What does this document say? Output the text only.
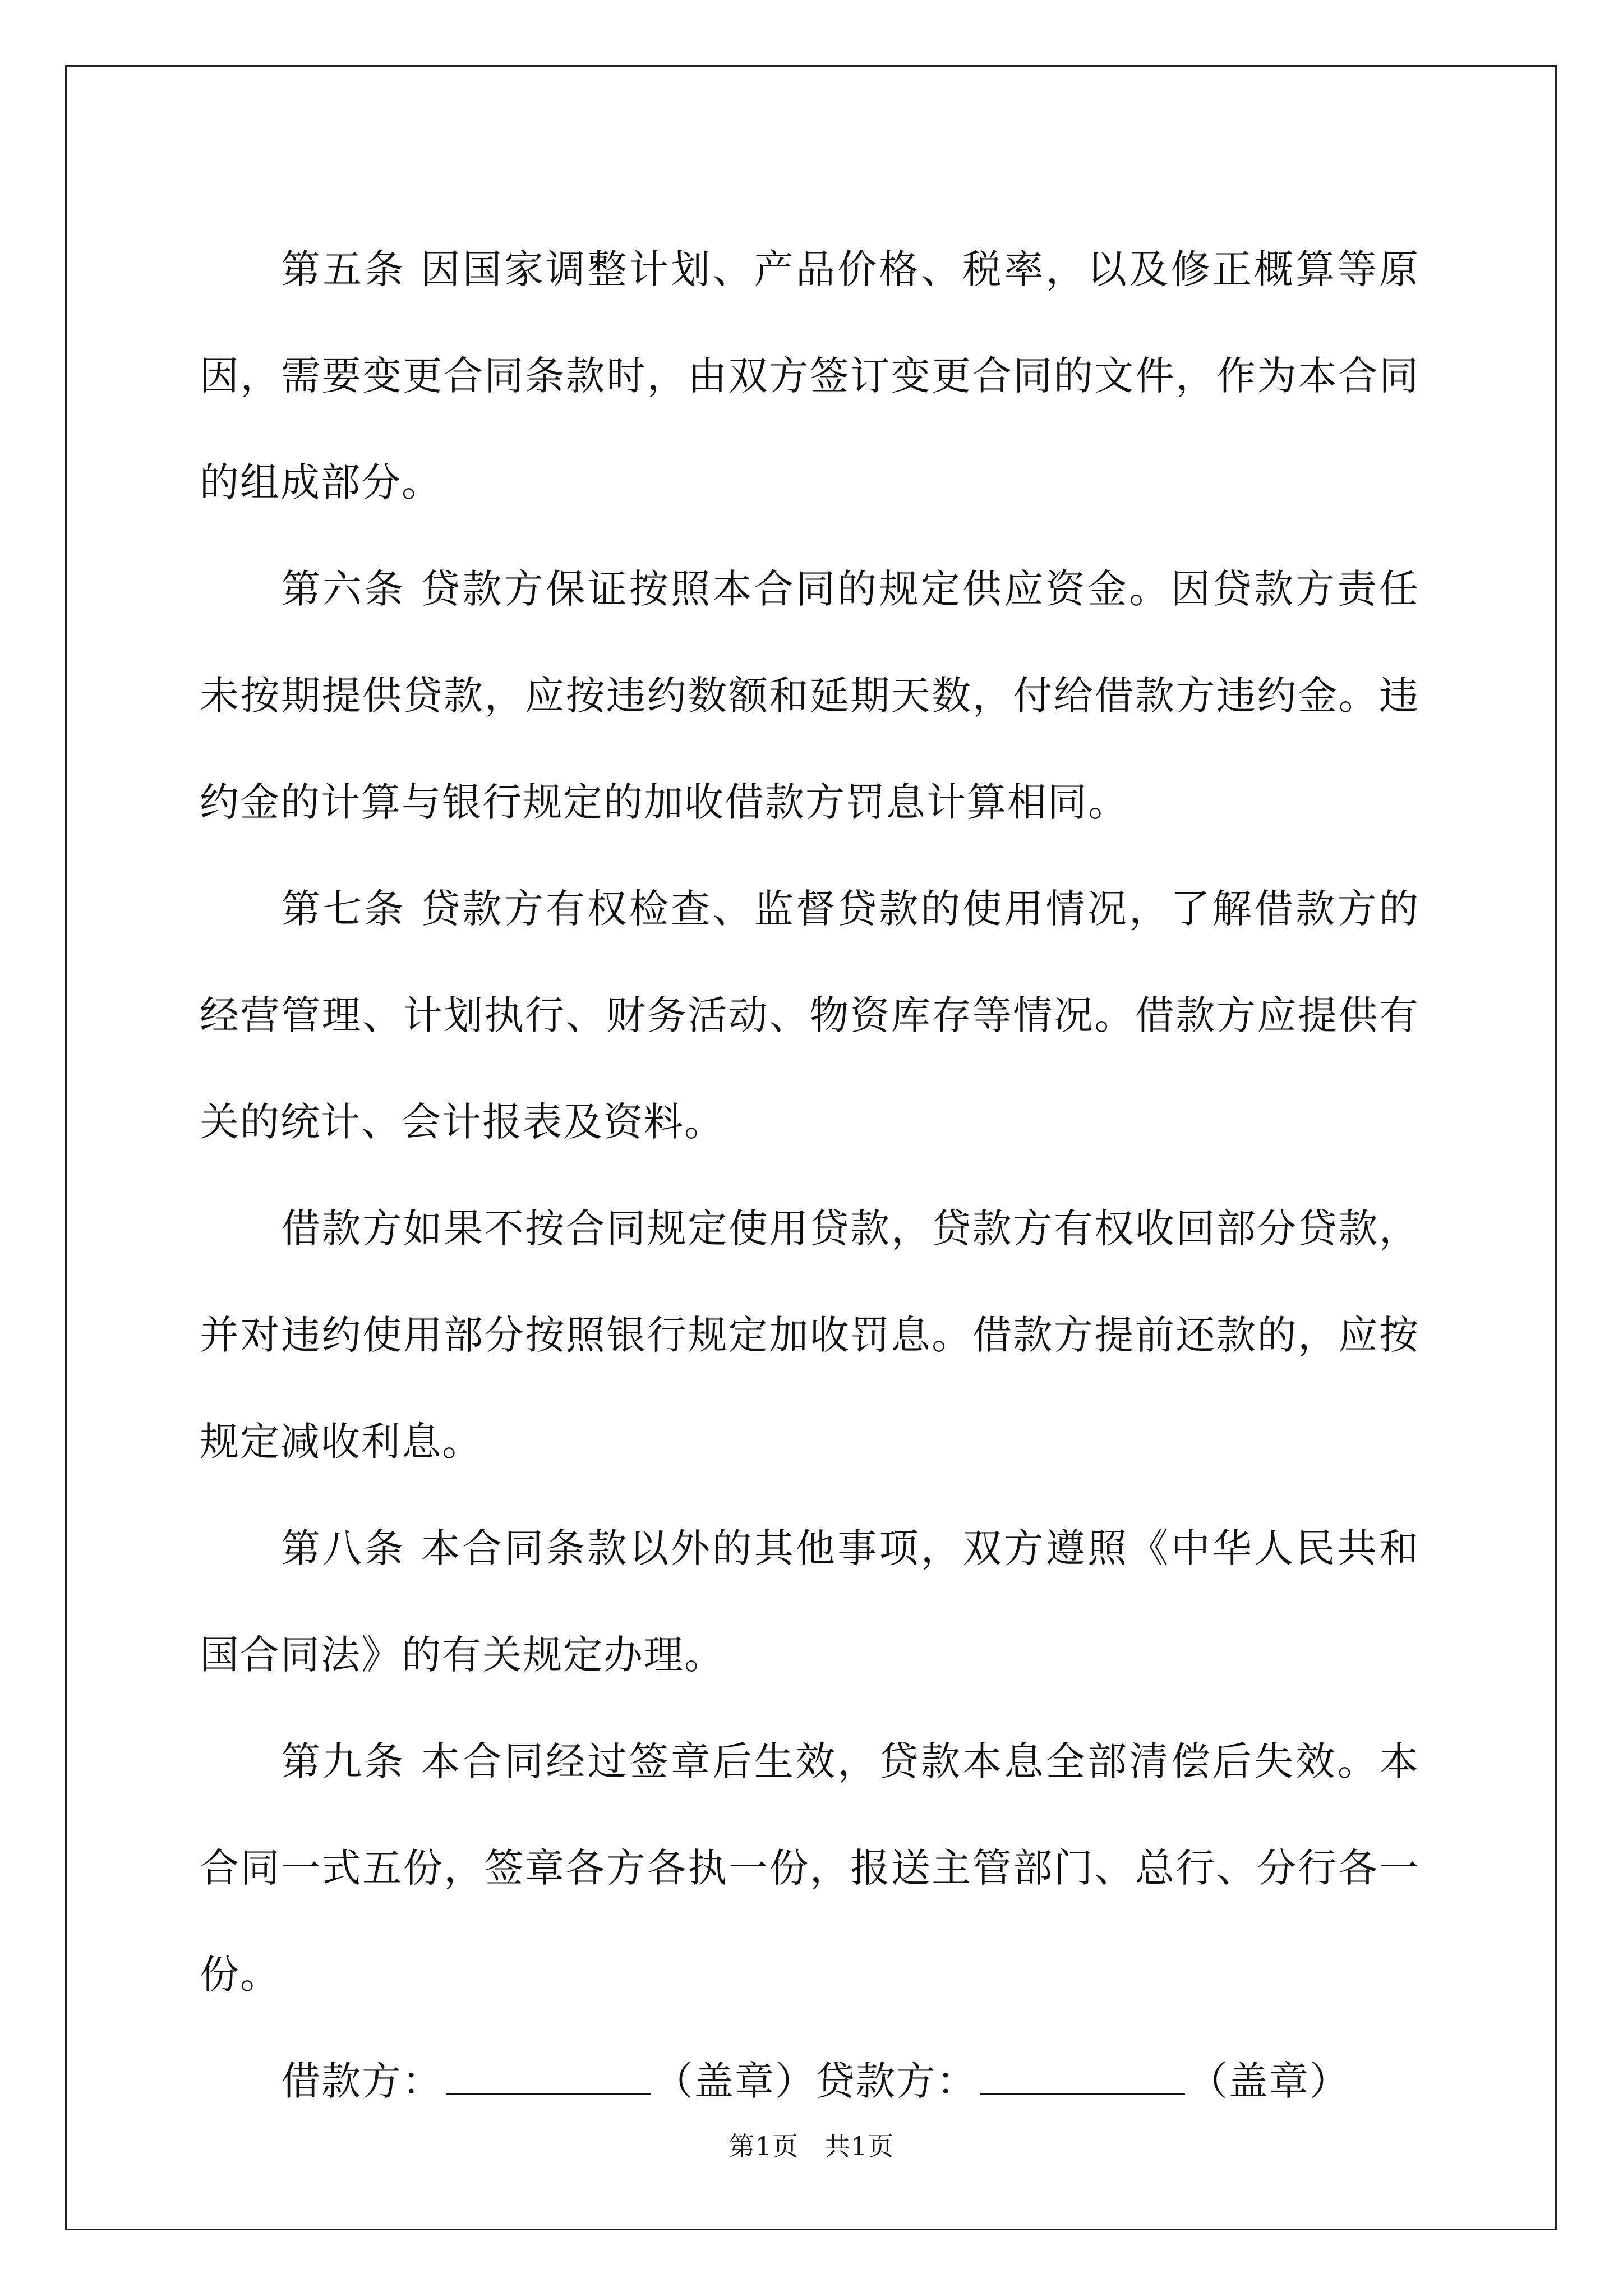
第五条 因国家调整计划、产品价格、税率，以及修正概算等原因，需要变更合同条款时，由双方签订变更合同的文件，作为本合同的组成部分。

第六条 贷款方保证按照本合同的规定供应资金。因贷款方责任未按期提供贷款，应按违约数额和延期天数，付给借款方违约金。违约金的计算与银行规定的加收借款方罚息计算相同。

第七条 贷款方有权检查、监督贷款的使用情况，了解借款方的经营管理、计划执行、财务活动、物资库存等情况。借款方应提供有关的统计、会计报表及资料。

借款方如果不按合同规定使用贷款，贷款方有权收回部分贷款，并对违约使用部分按照银行规定加收罚息。借款方提前还款的，应按规定减收利息。

第八条 本合同条款以外的其他事项，双方遵照《中华人民共和国合同法》的有关规定办理。

第九条 本合同经过签章后生效，贷款本息全部清偿后失效。本合同一式五份，签章各方各执一份，报送主管部门、总行、分行各一份。

借款方：	（盖章）贷款方：	（盖章）

第1页 共1页
